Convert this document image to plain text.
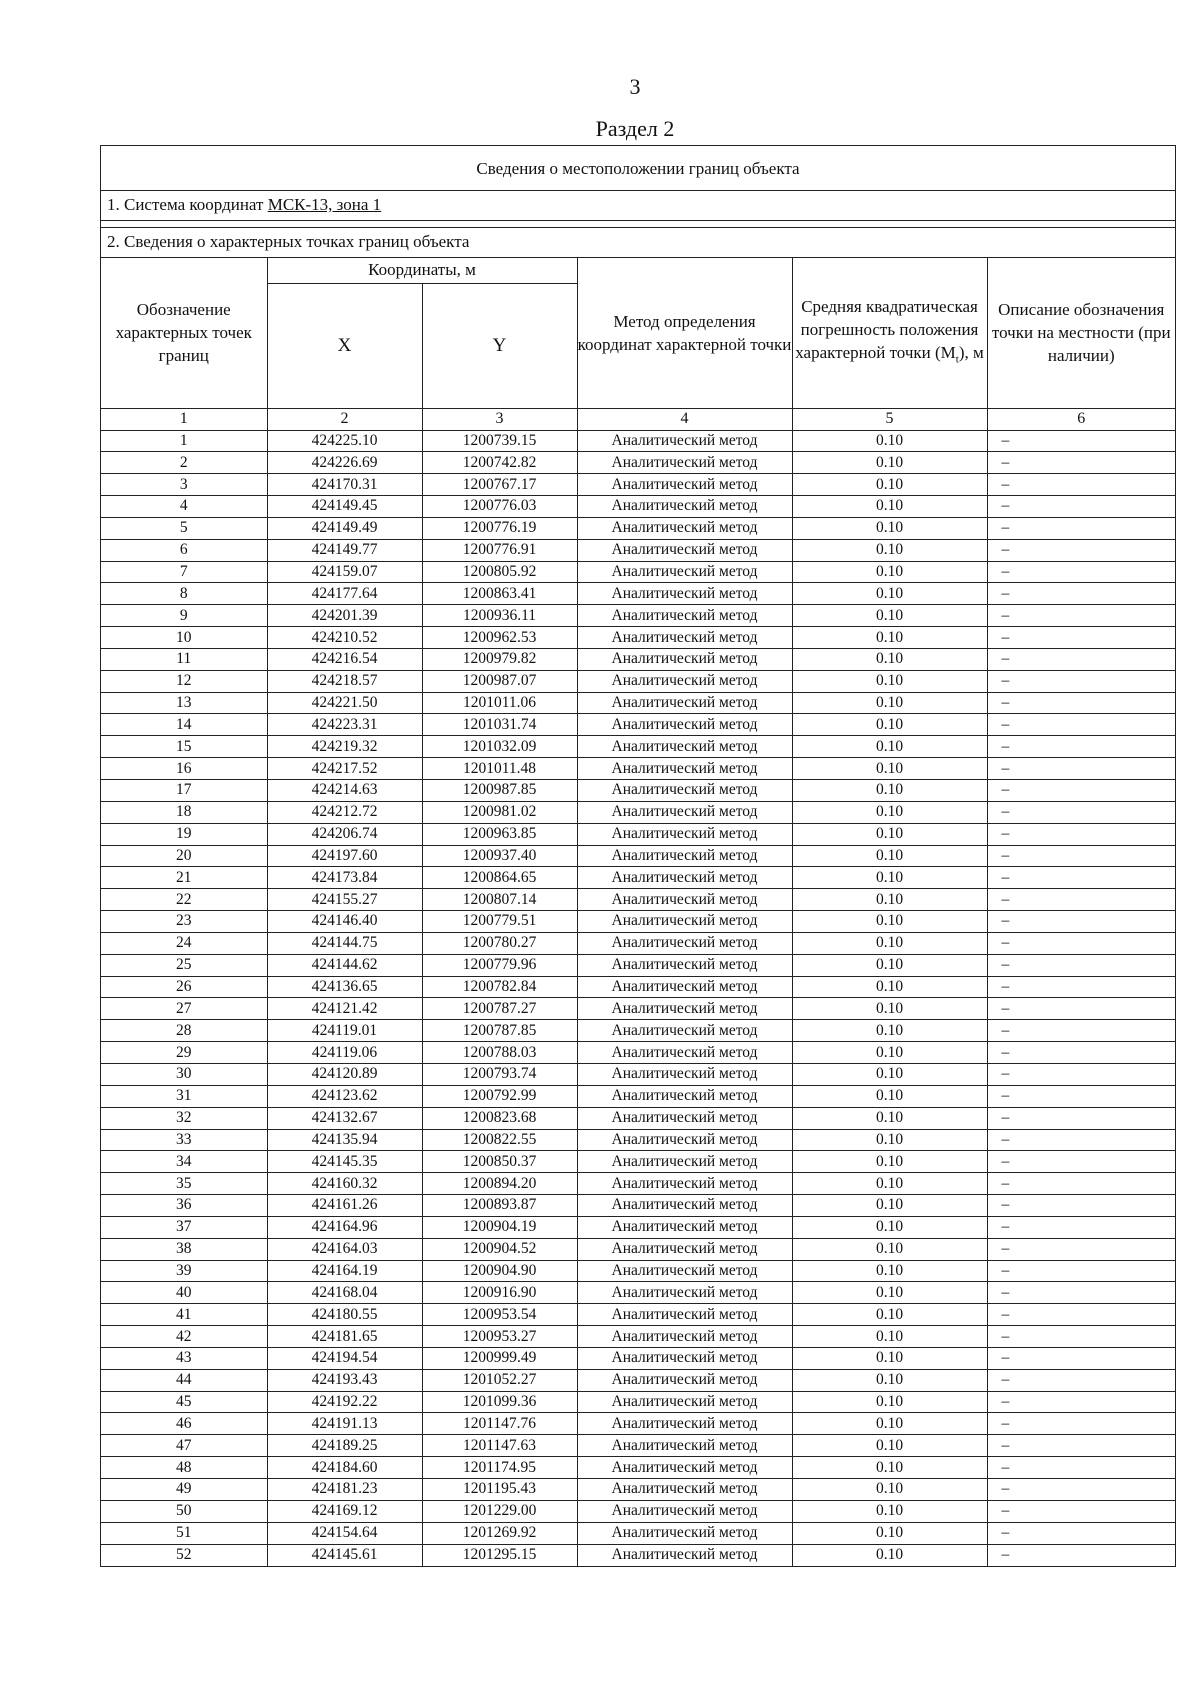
3
Раздел 2
Сведения о местоположении границ объекта
1. Система координат МСК-13, зона 1
2. Сведения о характерных точках границ объекта
Обозначение характерных точек границ	Координаты, м		Метод определения координат характерной точки	Средняя квадратическая погрешность положения характерной точки $(M_t)$, м	Описание обозначения точки на местности (при наличии)
	X	Y			
1	2	3	4	5	6
1	424225.10	1200739.15	Аналитический метод	0.10	–
2	424226.69	1200742.82	Аналитический метод	0.10	–
3	424170.31	1200767.17	Аналитический метод	0.10	–
4	424149.45	1200776.03	Аналитический метод	0.10	–
5	424149.49	1200776.19	Аналитический метод	0.10	–
6	424149.77	1200776.91	Аналитический метод	0.10	–
7	424159.07	1200805.92	Аналитический метод	0.10	–
8	424177.64	1200863.41	Аналитический метод	0.10	–
9	424201.39	1200936.11	Аналитический метод	0.10	–
10	424210.52	1200962.53	Аналитический метод	0.10	–
11	424216.54	1200979.82	Аналитический метод	0.10	–
12	424218.57	1200987.07	Аналитический метод	0.10	–
13	424221.50	1201011.06	Аналитический метод	0.10	–
14	424223.31	1201031.74	Аналитический метод	0.10	–
15	424219.32	1201032.09	Аналитический метод	0.10	–
16	424217.52	1201011.48	Аналитический метод	0.10	–
17	424214.63	1200987.85	Аналитический метод	0.10	–
18	424212.72	1200981.02	Аналитический метод	0.10	–
19	424206.74	1200963.85	Аналитический метод	0.10	–
20	424197.60	1200937.40	Аналитический метод	0.10	–
21	424173.84	1200864.65	Аналитический метод	0.10	–
22	424155.27	1200807.14	Аналитический метод	0.10	–
23	424146.40	1200779.51	Аналитический метод	0.10	–
24	424144.75	1200780.27	Аналитический метод	0.10	–
25	424144.62	1200779.96	Аналитический метод	0.10	–
26	424136.65	1200782.84	Аналитический метод	0.10	–
27	424121.42	1200787.27	Аналитический метод	0.10	–
28	424119.01	1200787.85	Аналитический метод	0.10	–
29	424119.06	1200788.03	Аналитический метод	0.10	–
30	424120.89	1200793.74	Аналитический метод	0.10	–
31	424123.62	1200792.99	Аналитический метод	0.10	–
32	424132.67	1200823.68	Аналитический метод	0.10	–
33	424135.94	1200822.55	Аналитический метод	0.10	–
34	424145.35	1200850.37	Аналитический метод	0.10	–
35	424160.32	1200894.20	Аналитический метод	0.10	–
36	424161.26	1200893.87	Аналитический метод	0.10	–
37	424164.96	1200904.19	Аналитический метод	0.10	–
38	424164.03	1200904.52	Аналитический метод	0.10	–
39	424164.19	1200904.90	Аналитический метод	0.10	–
40	424168.04	1200916.90	Аналитический метод	0.10	–
41	424180.55	1200953.54	Аналитический метод	0.10	–
42	424181.65	1200953.27	Аналитический метод	0.10	–
43	424194.54	1200999.49	Аналитический метод	0.10	–
44	424193.43	1201052.27	Аналитический метод	0.10	–
45	424192.22	1201099.36	Аналитический метод	0.10	–
46	424191.13	1201147.76	Аналитический метод	0.10	–
47	424189.25	1201147.63	Аналитический метод	0.10	–
48	424184.60	1201174.95	Аналитический метод	0.10	–
49	424181.23	1201195.43	Аналитический метод	0.10	–
50	424169.12	1201229.00	Аналитический метод	0.10	–
51	424154.64	1201269.92	Аналитический метод	0.10	–
52	424145.61	1201295.15	Аналитический метод	0.10	–
